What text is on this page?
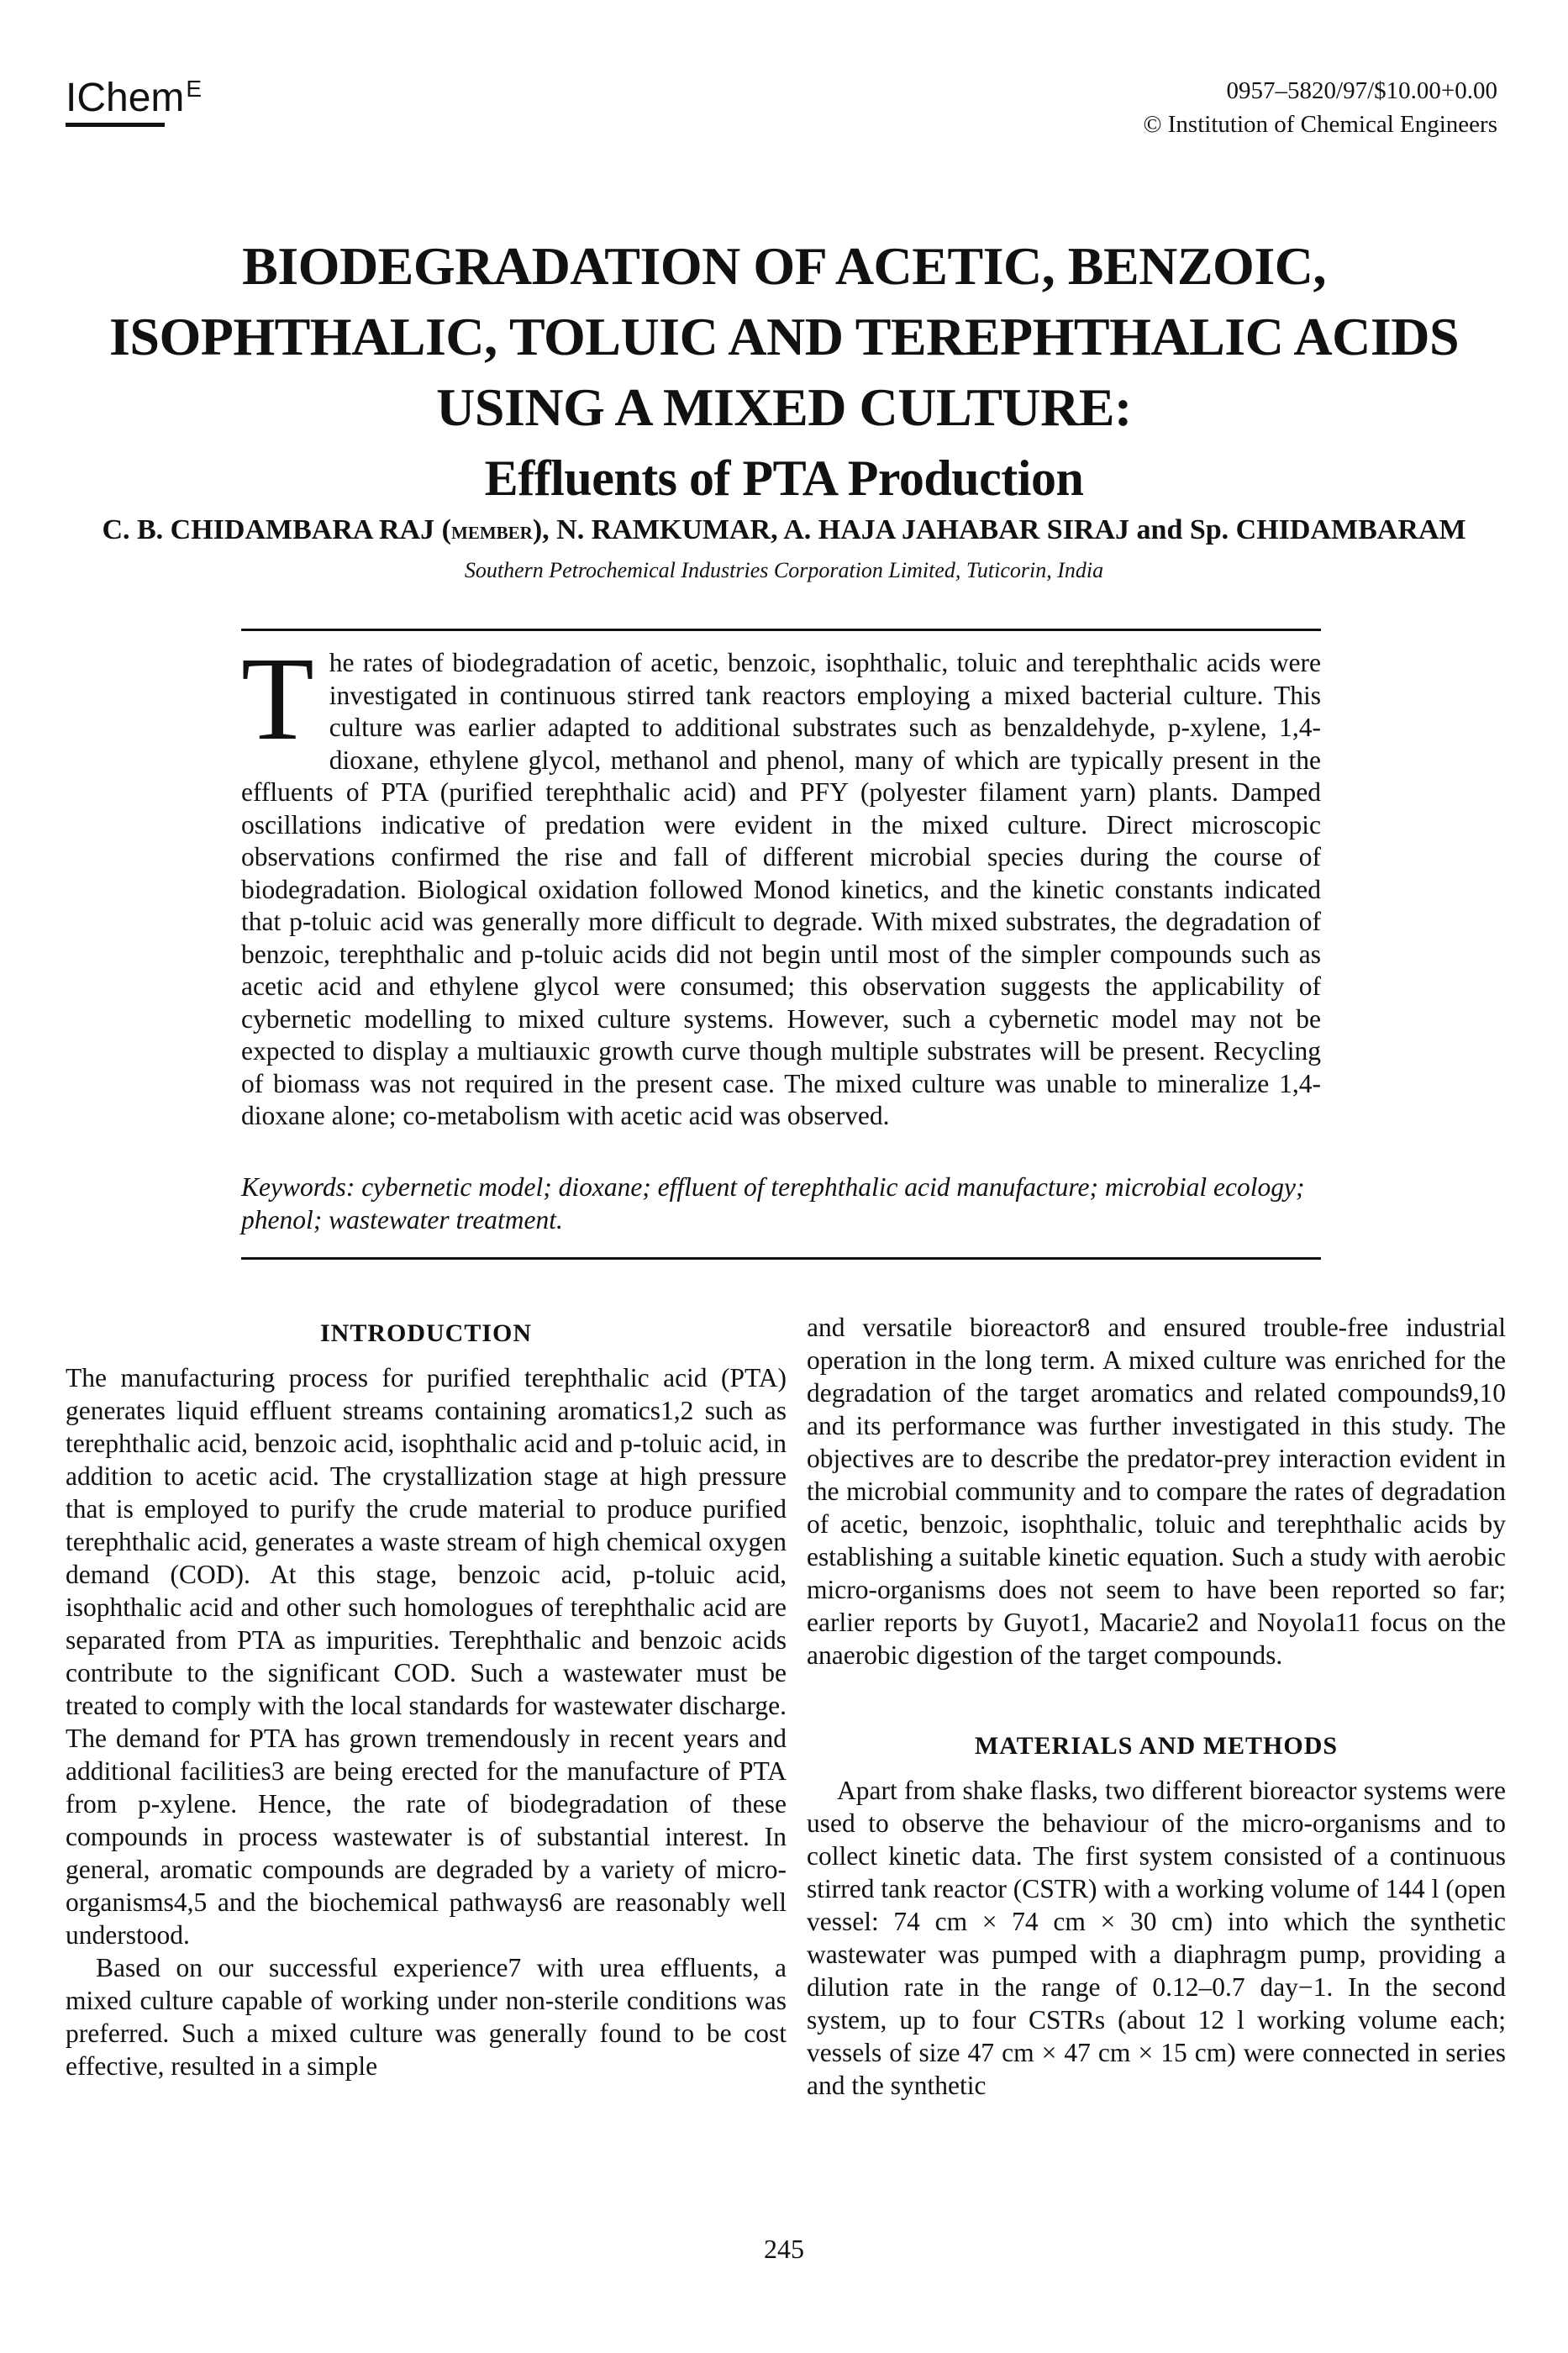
IChem$^E$	0957–5820/97/$10.00+0.00
© Institution of Chemical Engineers
BIODEGRADATION OF ACETIC, BENZOIC,
ISOPHTHALIC, TOLUIC AND TEREPHTHALIC ACIDS
USING A MIXED CULTURE:
Effluents of PTA Production
C. B. CHIDAMBARA RAJ (member), N. RAMKUMAR, A. HAJA JAHABAR SIRAJ and Sp. CHIDAMBARAM
Southern Petrochemical Industries Corporation Limited, Tuticorin, India
The rates of biodegradation of acetic, benzoic, isophthalic, toluic and terephthalic acids were investigated in continuous stirred tank reactors employing a mixed bacterial culture. This culture was earlier adapted to additional substrates such as benzaldehyde, p-xylene, 1,4-dioxane, ethylene glycol, methanol and phenol, many of which are typically present in the effluents of PTA (purified terephthalic acid) and PFY (polyester filament yarn) plants. Damped oscillations indicative of predation were evident in the mixed culture. Direct microscopic observations confirmed the rise and fall of different microbial species during the course of biodegradation. Biological oxidation followed Monod kinetics, and the kinetic constants indicated that p-toluic acid was generally more difficult to degrade. With mixed substrates, the degradation of benzoic, terephthalic and p-toluic acids did not begin until most of the simpler compounds such as acetic acid and ethylene glycol were consumed; this observation suggests the applicability of cybernetic modelling to mixed culture systems. However, such a cybernetic model may not be expected to display a multiauxic growth curve though multiple substrates will be present. Recycling of biomass was not required in the present case. The mixed culture was unable to mineralize 1,4-dioxane alone; co-metabolism with acetic acid was observed.
Keywords: cybernetic model; dioxane; effluent of terephthalic acid manufacture; microbial ecology; phenol; wastewater treatment.
INTRODUCTION

The manufacturing process for purified terephthalic acid (PTA) generates liquid effluent streams containing aromatics1,2 such as terephthalic acid, benzoic acid, isophthalic acid and p-toluic acid, in addition to acetic acid. The crystallization stage at high pressure that is employed to purify the crude material to produce purified terephthalic acid, generates a waste stream of high chemical oxygen demand (COD). At this stage, benzoic acid, p-toluic acid, isophthalic acid and other such homologues of terephthalic acid are separated from PTA as impurities. Terephthalic and benzoic acids contribute to the significant COD. Such a wastewater must be treated to comply with the local standards for wastewater discharge. The demand for PTA has grown tremendously in recent years and additional facilities3 are being erected for the manufacture of PTA from p-xylene. Hence, the rate of biodegradation of these compounds in process wastewater is of substantial interest. In general, aromatic compounds are degraded by a variety of micro-organisms4,5 and the biochemical pathways6 are reasonably well understood.

Based on our successful experience7 with urea effluents, a mixed culture capable of working under non-sterile conditions was preferred. Such a mixed culture was generally found to be cost effective, resulted in a simple

and versatile bioreactor8 and ensured trouble-free industrial operation in the long term. A mixed culture was enriched for the degradation of the target aromatics and related compounds9,10 and its performance was further investigated in this study. The objectives are to describe the predator-prey interaction evident in the microbial community and to compare the rates of degradation of acetic, benzoic, isophthalic, toluic and terephthalic acids by establishing a suitable kinetic equation. Such a study with aerobic micro-organisms does not seem to have been reported so far; earlier reports by Guyot1, Macarie2 and Noyola11 focus on the anaerobic digestion of the target compounds.

MATERIALS AND METHODS

Apart from shake flasks, two different bioreactor systems were used to observe the behaviour of the micro-organisms and to collect kinetic data. The first system consisted of a continuous stirred tank reactor (CSTR) with a working volume of 144 l (open vessel: 74 cm × 74 cm × 30 cm) into which the synthetic wastewater was pumped with a diaphragm pump, providing a dilution rate in the range of 0.12–0.7 day−1. In the second system, up to four CSTRs (about 12 l working volume each; vessels of size 47 cm × 47 cm × 15 cm) were connected in series and the synthetic

245
